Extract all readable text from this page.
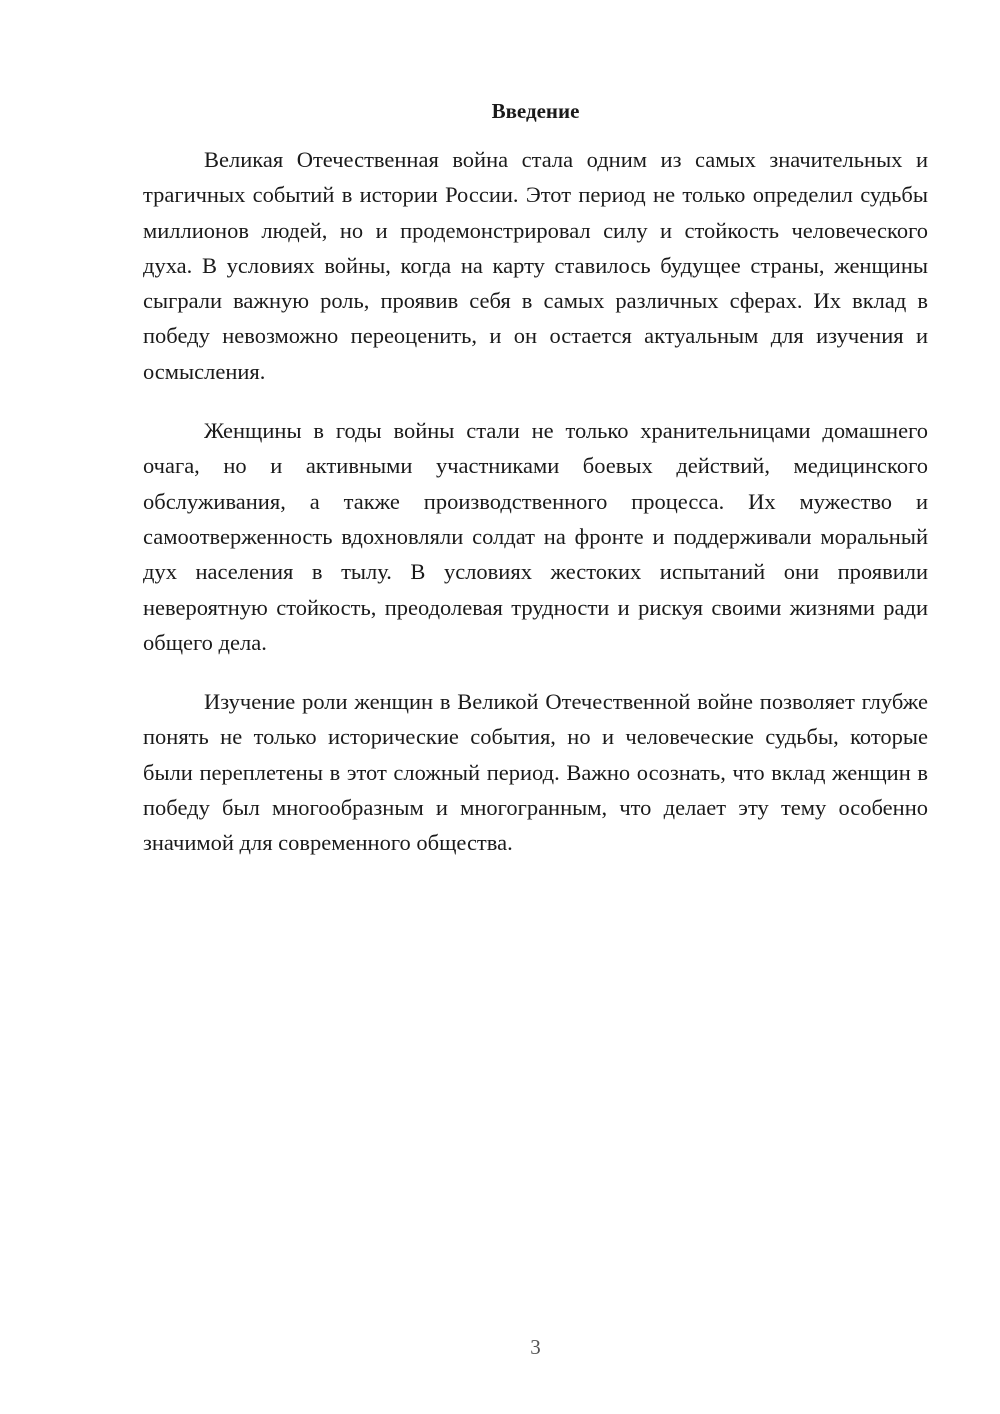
Введение

Великая Отечественная война стала одним из самых значительных и трагичных событий в истории России. Этот период не только определил судьбы миллионов людей, но и продемонстрировал силу и стойкость человеческого духа. В условиях войны, когда на карту ставилось будущее страны, женщины сыграли важную роль, проявив себя в самых различных сферах. Их вклад в победу невозможно переоценить, и он остается актуальным для изучения и осмысления.

Женщины в годы войны стали не только хранительницами домашнего очага, но и активными участниками боевых действий, медицинского обслуживания, а также производственного процесса. Их мужество и самоотверженность вдохновляли солдат на фронте и поддерживали моральный дух населения в тылу. В условиях жестоких испытаний они проявили невероятную стойкость, преодолевая трудности и рискуя своими жизнями ради общего дела.

Изучение роли женщин в Великой Отечественной войне позволяет глубже понять не только исторические события, но и человеческие судьбы, которые были переплетены в этот сложный период. Важно осознать, что вклад женщин в победу был многообразным и многогранным, что делает эту тему особенно значимой для современного общества.

3
